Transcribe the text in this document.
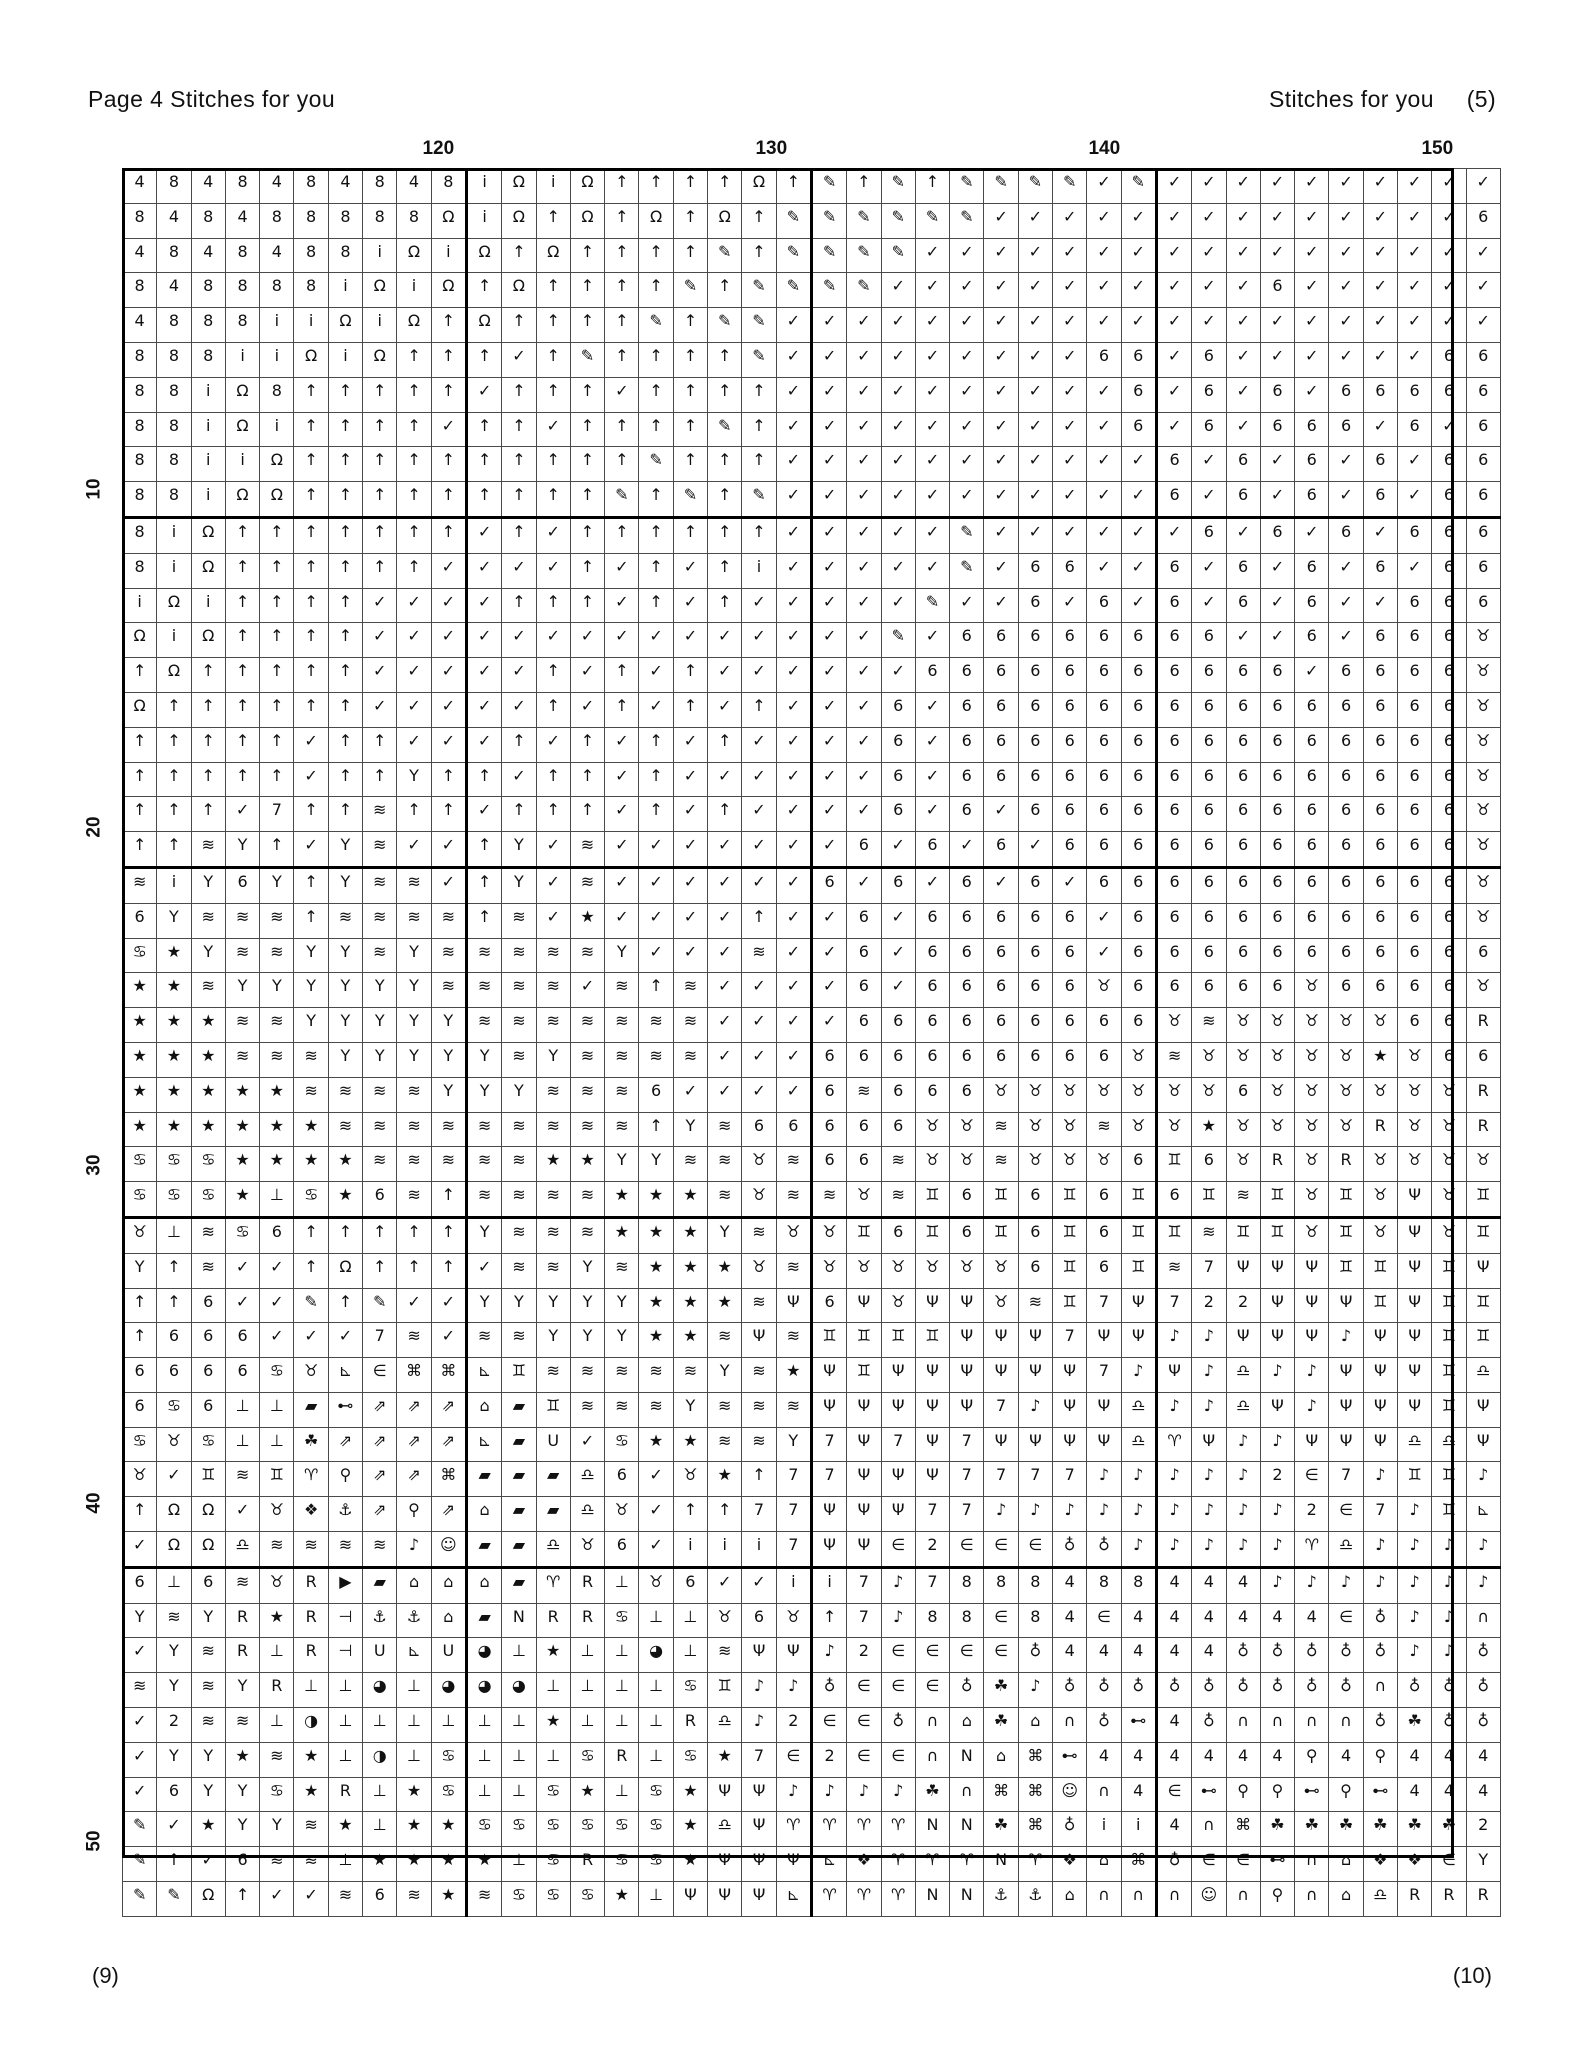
Page 4 Stitches for you	Stitches for you (5)
4	8	4	8	4	8	4	8	4	8	i	Ω	i	Ω	↑	↑	↑	↑	Ω	↑	✎	↑	✎	↑	✎	✎	✎	✎	✓	✎	✓	✓	✓	✓	✓	✓	✓	✓	✓	✓

8	4	8	4	8	8	8	8	8	Ω	i	Ω	↑	Ω	↑	Ω	↑	Ω	↑	✎	✎	✎	✎	✎	✎	✓	✓	✓	✓	✓	✓	✓	✓	✓	✓	✓	✓	✓	✓	6

4	8	4	8	4	8	8	i	Ω	i	Ω	↑	Ω	↑	↑	↑	↑	✎	↑	✎	✎	✎	✎	✓	✓	✓	✓	✓	✓	✓	✓	✓	✓	✓	✓	✓	✓	✓	✓	✓

8	4	8	8	8	8	i	Ω	i	Ω	↑	Ω	↑	↑	↑	↑	✎	↑	✎	✎	✎	✎	✓	✓	✓	✓	✓	✓	✓	✓	✓	✓	✓	6	✓	✓	✓	✓	✓	✓

4	8	8	8	i	i	Ω	i	Ω	↑	Ω	↑	↑	↑	↑	✎	↑	✎	✎	✓	✓	✓	✓	✓	✓	✓	✓	✓	✓	✓	✓	✓	✓	✓	✓	✓	✓	✓	✓	✓

8	8	8	i	i	Ω	i	Ω	↑	↑	↑	✓	↑	✎	↑	↑	↑	↑	✎	✓	✓	✓	✓	✓	✓	✓	✓	✓	6	6	✓	6	✓	✓	✓	✓	✓	✓	6	6

8	8	i	Ω	8	↑	↑	↑	↑	↑	✓	↑	↑	↑	✓	↑	↑	↑	↑	✓	✓	✓	✓	✓	✓	✓	✓	✓	✓	6	✓	6	✓	6	✓	6	6	6	6	6

8	8	i	Ω	i	↑	↑	↑	↑	✓	↑	↑	✓	↑	↑	↑	↑	✎	↑	✓	✓	✓	✓	✓	✓	✓	✓	✓	✓	6	✓	6	✓	6	6	6	✓	6	✓	6

8	8	i	i	Ω	↑	↑	↑	↑	↑	↑	↑	↑	↑	↑	✎	↑	↑	↑	✓	✓	✓	✓	✓	✓	✓	✓	✓	✓	✓	6	✓	6	✓	6	✓	6	✓	6	6

8	8	i	Ω	Ω	↑	↑	↑	↑	↑	↑	↑	↑	↑	✎	↑	✎	↑	✎	✓	✓	✓	✓	✓	✓	✓	✓	✓	✓	✓	6	✓	6	✓	6	✓	6	✓	6	6

8	i	Ω	↑	↑	↑	↑	↑	↑	↑	✓	↑	✓	↑	↑	↑	↑	↑	↑	✓	✓	✓	✓	✓	✎	✓	✓	✓	✓	✓	✓	6	✓	6	✓	6	✓	6	6	6

8	i	Ω	↑	↑	↑	↑	↑	↑	✓	✓	✓	✓	↑	✓	↑	✓	↑	i	✓	✓	✓	✓	✓	✎	✓	6	6	✓	✓	6	✓	6	✓	6	✓	6	✓	6	6

i	Ω	i	↑	↑	↑	↑	✓	✓	✓	✓	↑	↑	↑	✓	↑	✓	↑	✓	✓	✓	✓	✓	✎	✓	✓	6	✓	6	✓	6	✓	6	✓	6	✓	✓	6	6	6

Ω	i	Ω	↑	↑	↑	↑	✓	✓	✓	✓	✓	✓	✓	✓	✓	✓	✓	✓	✓	✓	✓	✎	✓	6	6	6	6	6	6	6	6	✓	✓	6	✓	6	6	6	♉

↑	Ω	↑	↑	↑	↑	↑	✓	✓	✓	✓	✓	↑	✓	↑	✓	↑	✓	✓	✓	✓	✓	✓	6	6	6	6	6	6	6	6	6	6	6	✓	6	6	6	6	♉

Ω	↑	↑	↑	↑	↑	↑	✓	✓	✓	✓	✓	↑	✓	↑	✓	↑	✓	↑	✓	✓	✓	6	✓	6	6	6	6	6	6	6	6	6	6	6	6	6	6	6	♉

↑	↑	↑	↑	↑	✓	↑	↑	✓	✓	✓	↑	✓	↑	✓	↑	✓	↑	✓	✓	✓	✓	6	✓	6	6	6	6	6	6	6	6	6	6	6	6	6	6	6	♉

↑	↑	↑	↑	↑	✓	↑	↑	Y	↑	↑	✓	↑	↑	✓	↑	✓	✓	✓	✓	✓	✓	6	✓	6	6	6	6	6	6	6	6	6	6	6	6	6	6	6	♉

↑	↑	↑	✓	7	↑	↑	≋	↑	↑	✓	↑	↑	↑	✓	↑	✓	↑	✓	✓	✓	✓	6	✓	6	✓	6	6	6	6	6	6	6	6	6	6	6	6	6	♉

↑	↑	≋	Y	↑	✓	Y	≋	✓	✓	↑	Y	✓	≋	✓	✓	✓	✓	✓	✓	✓	6	✓	6	✓	6	✓	6	6	6	6	6	6	6	6	6	6	6	6	♉

≋	i	Y	6	Y	↑	Y	≋	≋	✓	↑	Y	✓	≋	✓	✓	✓	✓	✓	✓	6	✓	6	✓	6	✓	6	✓	6	6	6	6	6	6	6	6	6	6	6	♉

6	Y	≋	≋	≋	↑	≋	≋	≋	≋	↑	≋	✓	★	✓	✓	✓	✓	↑	✓	✓	6	✓	6	6	6	6	6	✓	6	6	6	6	6	6	6	6	6	6	♉

♋	★	Y	≋	≋	Y	Y	≋	Y	≋	≋	≋	≋	≋	Y	✓	✓	✓	≋	✓	✓	6	✓	6	6	6	6	6	✓	6	6	6	6	6	6	6	6	6	6	6

★	★	≋	Y	Y	Y	Y	Y	Y	≋	≋	≋	≋	✓	≋	↑	≋	✓	✓	✓	✓	6	✓	6	6	6	6	6	♉	6	6	6	6	6	♉	6	6	6	6	♉

★	★	★	≋	≋	Y	Y	Y	Y	Y	≋	≋	≋	≋	≋	≋	≋	✓	✓	✓	✓	6	6	6	6	6	6	6	6	6	♉	≋	♉	♉	♉	♉	♉	6	6	R

★	★	★	≋	≋	≋	Y	Y	Y	Y	Y	≋	Y	≋	≋	≋	≋	✓	✓	✓	6	6	6	6	6	6	6	6	6	♉	≋	♉	♉	♉	♉	♉	★	♉	6	6

★	★	★	★	★	≋	≋	≋	≋	Y	Y	Y	≋	≋	≋	6	✓	✓	✓	✓	6	≋	6	6	6	♉	♉	♉	♉	♉	♉	♉	6	♉	♉	♉	♉	♉	♉	R

★	★	★	★	★	★	≋	≋	≋	≋	≋	≋	≋	≋	≋	↑	Y	≋	6	6	6	6	6	♉	♉	≋	♉	♉	≋	♉	♉	★	♉	♉	♉	♉	R	♉	♉	R

♋	♋	♋	★	★	★	★	≋	≋	≋	≋	≋	★	★	Y	Y	≋	≋	♉	≋	6	6	≋	♉	♉	≋	♉	♉	♉	6	♊	6	♉	R	♉	R	♉	♉	♉	♉

♋	♋	♋	★	⊥	♋	★	6	≋	↑	≋	≋	≋	≋	★	★	★	≋	♉	≋	≋	♉	≋	♊	6	♊	6	♊	6	♊	6	♊	≋	♊	♉	♊	♉	Ψ	♉	♊

♉	⊥	≋	♋	6	↑	↑	↑	↑	↑	Y	≋	≋	≋	★	★	★	Y	≋	♉	♉	♊	6	♊	6	♊	6	♊	6	♊	♊	≋	♊	♊	♉	♊	♉	Ψ	♉	♊

Y	↑	≋	✓	✓	↑	Ω	↑	↑	↑	✓	≋	≋	Y	≋	★	★	★	♉	≋	♉	♉	♉	♉	♉	♉	6	♊	6	♊	≋	7	Ψ	Ψ	Ψ	♊	♊	Ψ	♊	Ψ

↑	↑	6	✓	✓	✎	↑	✎	✓	✓	Y	Y	Y	Y	Y	★	★	★	≋	Ψ	6	Ψ	♉	Ψ	Ψ	♉	≋	♊	7	Ψ	7	2	2	Ψ	Ψ	Ψ	♊	Ψ	♊	♊

↑	6	6	6	✓	✓	✓	7	≋	✓	≋	≋	Y	Y	Y	★	★	≋	Ψ	≋	♊	♊	♊	♊	Ψ	Ψ	Ψ	7	Ψ	Ψ	♪	♪	Ψ	Ψ	Ψ	♪	Ψ	Ψ	♊	♊

6	6	6	6	♋	♉	⊾	∈	⌘	⌘	⊾	♊	≋	≋	≋	≋	≋	Y	≋	★	Ψ	♊	Ψ	Ψ	Ψ	Ψ	Ψ	Ψ	7	♪	Ψ	♪	♎	♪	♪	Ψ	Ψ	Ψ	♊	♎

6	♋	6	⊥	⊥	▰	⊷	⇗	⇗	⇗	⌂	▰	♊	≋	≋	≋	Y	≋	≋	≋	Ψ	Ψ	Ψ	Ψ	Ψ	7	♪	Ψ	Ψ	♎	♪	♪	♎	Ψ	♪	Ψ	Ψ	Ψ	♊	Ψ

♋	♉	♋	⊥	⊥	☘	⇗	⇗	⇗	⇗	⊾	▰	U	✓	♋	★	★	≋	≋	Y	7	Ψ	7	Ψ	7	Ψ	Ψ	Ψ	Ψ	♎	♈	Ψ	♪	♪	Ψ	Ψ	Ψ	♎	♎	Ψ

♉	✓	♊	≋	♊	♈	⚲	⇗	⇗	⌘	▰	▰	▰	♎	6	✓	♉	★	↑	7	7	Ψ	Ψ	Ψ	7	7	7	7	♪	♪	♪	♪	♪	2	∈	7	♪	♊	♊	♪

↑	Ω	Ω	✓	♉	❖	⚓	⇗	⚲	⇗	⌂	▰	▰	♎	♉	✓	↑	↑	7	7	Ψ	Ψ	Ψ	7	7	♪	♪	♪	♪	♪	♪	♪	♪	♪	2	∈	7	♪	♊	⊾

✓	Ω	Ω	♎	≋	≋	≋	≋	♪	☺	▰	▰	♎	♉	6	✓	i	i	i	7	Ψ	Ψ	∈	2	∈	∈	∈	♁	♁	♪	♪	♪	♪	♪	♈	♎	♪	♪	♪	♪

6	⊥	6	≋	♉	R	▶	▰	⌂	⌂	⌂	▰	♈	R	⊥	♉	6	✓	✓	i	i	7	♪	7	8	8	8	4	8	8	4	4	4	♪	♪	♪	♪	♪	♪	♪

Y	≋	Y	R	★	R	⊣	⚓	⚓	⌂	▰	N	R	R	♋	⊥	⊥	♉	6	♉	↑	7	♪	8	8	∈	8	4	∈	4	4	4	4	4	4	∈	♁	♪	♪	∩

✓	Y	≋	R	⊥	R	⊣	U	⊾	U	◕	⊥	★	⊥	⊥	◕	⊥	≋	Ψ	Ψ	♪	2	∈	∈	∈	∈	♁	4	4	4	4	4	♁	♁	♁	♁	♁	♪	♪	♁

≋	Y	≋	Y	R	⊥	⊥	◕	⊥	◕	◕	◕	⊥	⊥	⊥	⊥	♋	♊	♪	♪	♁	∈	∈	∈	♁	☘	♪	♁	♁	♁	♁	♁	♁	♁	♁	♁	∩	♁	♁	♁

✓	2	≋	≋	⊥	◑	⊥	⊥	⊥	⊥	⊥	⊥	★	⊥	⊥	⊥	R	♎	♪	2	∈	∈	♁	∩	⌂	☘	⌂	∩	♁	⊷	4	♁	∩	∩	∩	∩	♁	☘	♁	♁

✓	Y	Y	★	≋	★	⊥	◑	⊥	♋	⊥	⊥	⊥	♋	R	⊥	♋	★	7	∈	2	∈	∈	∩	N	⌂	⌘	⊷	4	4	4	4	4	4	⚲	4	⚲	4	4	4

✓	6	Y	Y	♋	★	R	⊥	★	♋	⊥	⊥	♋	★	⊥	♋	★	Ψ	Ψ	♪	♪	♪	♪	☘	∩	⌘	⌘	☺	∩	4	∈	⊷	⚲	⚲	⊷	⚲	⊷	4	4	4

✎	✓	★	Y	Y	≋	★	⊥	★	★	♋	♋	♋	♋	♋	♋	★	♎	Ψ	♈	♈	♈	♈	N	N	☘	⌘	♁	i	i	4	∩	⌘	☘	☘	☘	☘	☘	☘	2

✎	↑	✓	6	≋	≋	⊥	★	★	★	★	⊥	♋	R	♋	♋	★	Ψ	Ψ	Ψ	⊾	❖	♈	♈	♈	N	♈	❖	⌂	⌘	♁	∈	∈	⊷	∩	⌂	❖	❖	∈	Y

✎	✎	Ω	↑	✓	✓	≋	6	≋	★	≋	♋	♋	♋	★	⊥	Ψ	Ψ	Ψ	⊾	♈	♈	♈	N	N	⚓	⚓	⌂	∩	∩	∩	☺	∩	⚲	∩	⌂	♎	R	R	R
120	130	140	150
10
20
30
40
50
(9)	(10)
